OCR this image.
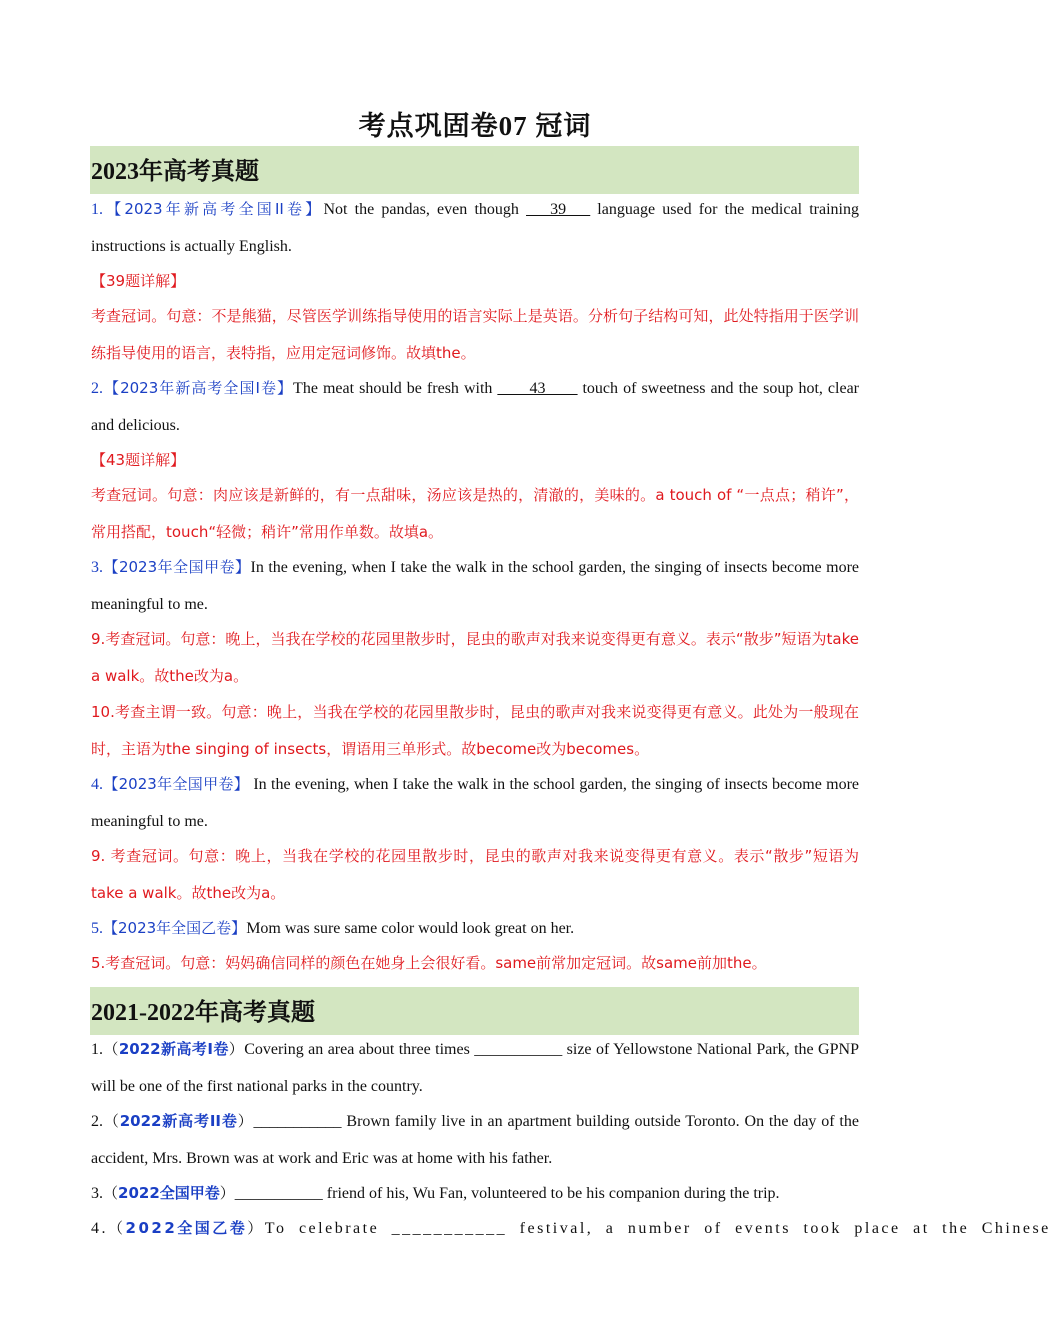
考点巩固卷07 冠词
2023年高考真题
1.【2023年新高考全国II卷】Not the pandas, even though ___39___ language used for the medical training instructions is actually English.
【39题详解】
考查冠词。句意：不是熊猫，尽管医学训练指导使用的语言实际上是英语。分析句子结构可知，此处特指用于医学训练指导使用的语言，表特指，应用定冠词修饰。故填the。
2.【2023年新高考全国Ⅰ卷】The meat should be fresh with ____43____ touch of sweetness and the soup hot, clear and delicious.
【43题详解】
考查冠词。句意：肉应该是新鲜的，有一点甜味，汤应该是热的，清澈的，美味的。a touch of “一点点；稍许”，常用搭配，touch“轻微；稍许”常用作单数。故填a。
3.【2023年全国甲卷】In the evening, when I take the walk in the school garden, the singing of insects become more meaningful to me.
9.考查冠词。句意：晚上，当我在学校的花园里散步时，昆虫的歌声对我来说变得更有意义。表示“散步”短语为take a walk。故the改为a。
10.考查主谓一致。句意：晚上，当我在学校的花园里散步时，昆虫的歌声对我来说变得更有意义。此处为一般现在时，主语为the singing of insects，谓语用三单形式。故become改为becomes。
4.【2023年全国甲卷】 In the evening, when I take the walk in the school garden, the singing of insects become more meaningful to me.
9. 考查冠词。句意：晚上，当我在学校的花园里散步时，昆虫的歌声对我来说变得更有意义。表示“散步”短语为take a walk。故the改为a。
5.【2023年全国乙卷】Mom was sure same color would look great on her.
5.考查冠词。句意：妈妈确信同样的颜色在她身上会很好看。same前常加定冠词。故same前加the。
2021-2022年高考真题
1.（2022新高考I卷）Covering an area about three times ___________ size of Yellowstone National Park, the GPNP will be one of the first national parks in the country.
2.（2022新高考II卷）___________ Brown family live in an apartment building outside Toronto. On the day of the accident, Mrs. Brown was at work and Eric was at home with his father.
3.（2022全国甲卷）___________ friend of his, Wu Fan, volunteered to be his companion during the trip.
4.（2022全国乙卷）To celebrate ___________ festival, a number of events took place at the Chinese
